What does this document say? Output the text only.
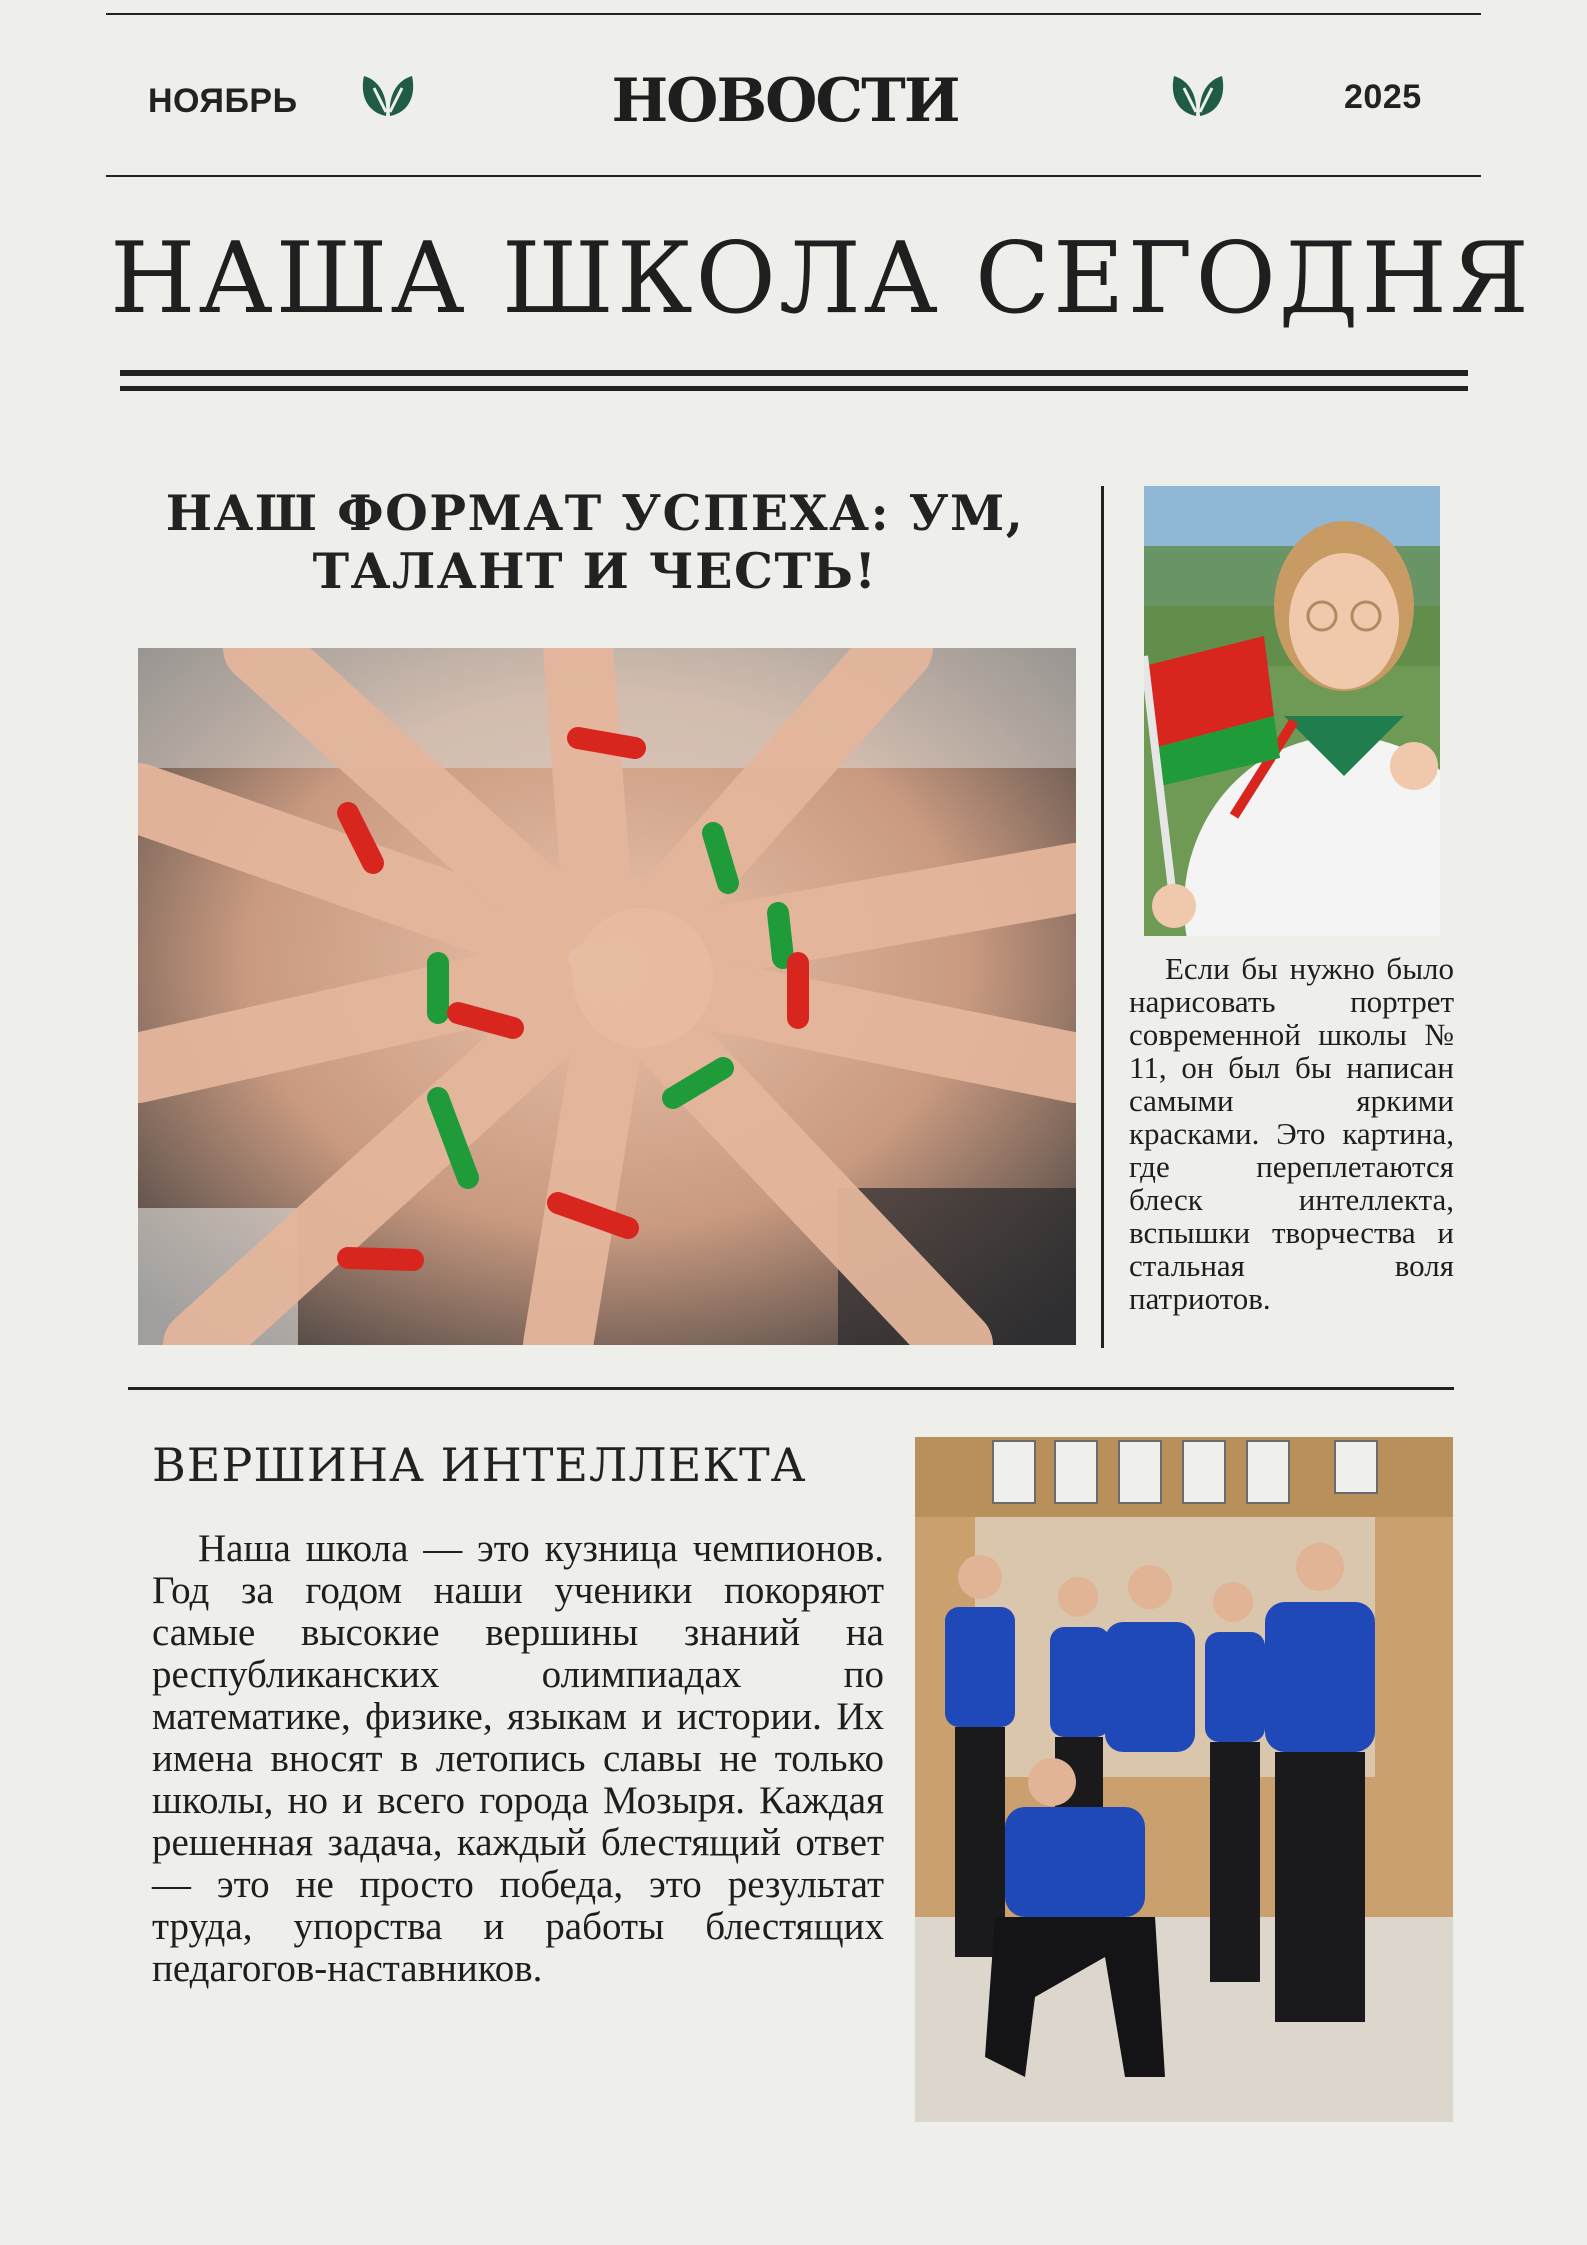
НОЯБРЬ	НОВОСТИ	2025
НАША ШКОЛА СЕГОДНЯ
НАШ ФОРМАТ УСПЕХА: УМ,
ТАЛАНТ И ЧЕСТЬ!
Если бы нужно было нарисовать портрет современной школы № 11, он был бы написан самыми яркими красками. Это картина, где переплетаются блеск интеллекта, вспышки творчества и стальная воля патриотов.
ВЕРШИНА ИНТЕЛЛЕКТА
Наша школа — это кузница чемпионов. Год за годом наши ученики покоряют самые высокие вершины знаний на республиканских олимпиадах по математике, физике, языкам и истории. Их имена вносят в летопись славы не только школы, но и всего города Мозыря. Каждая решенная задача, каждый блестящий ответ — это не просто победа, это результат труда, упорства и работы блестящих педагогов-наставников.
